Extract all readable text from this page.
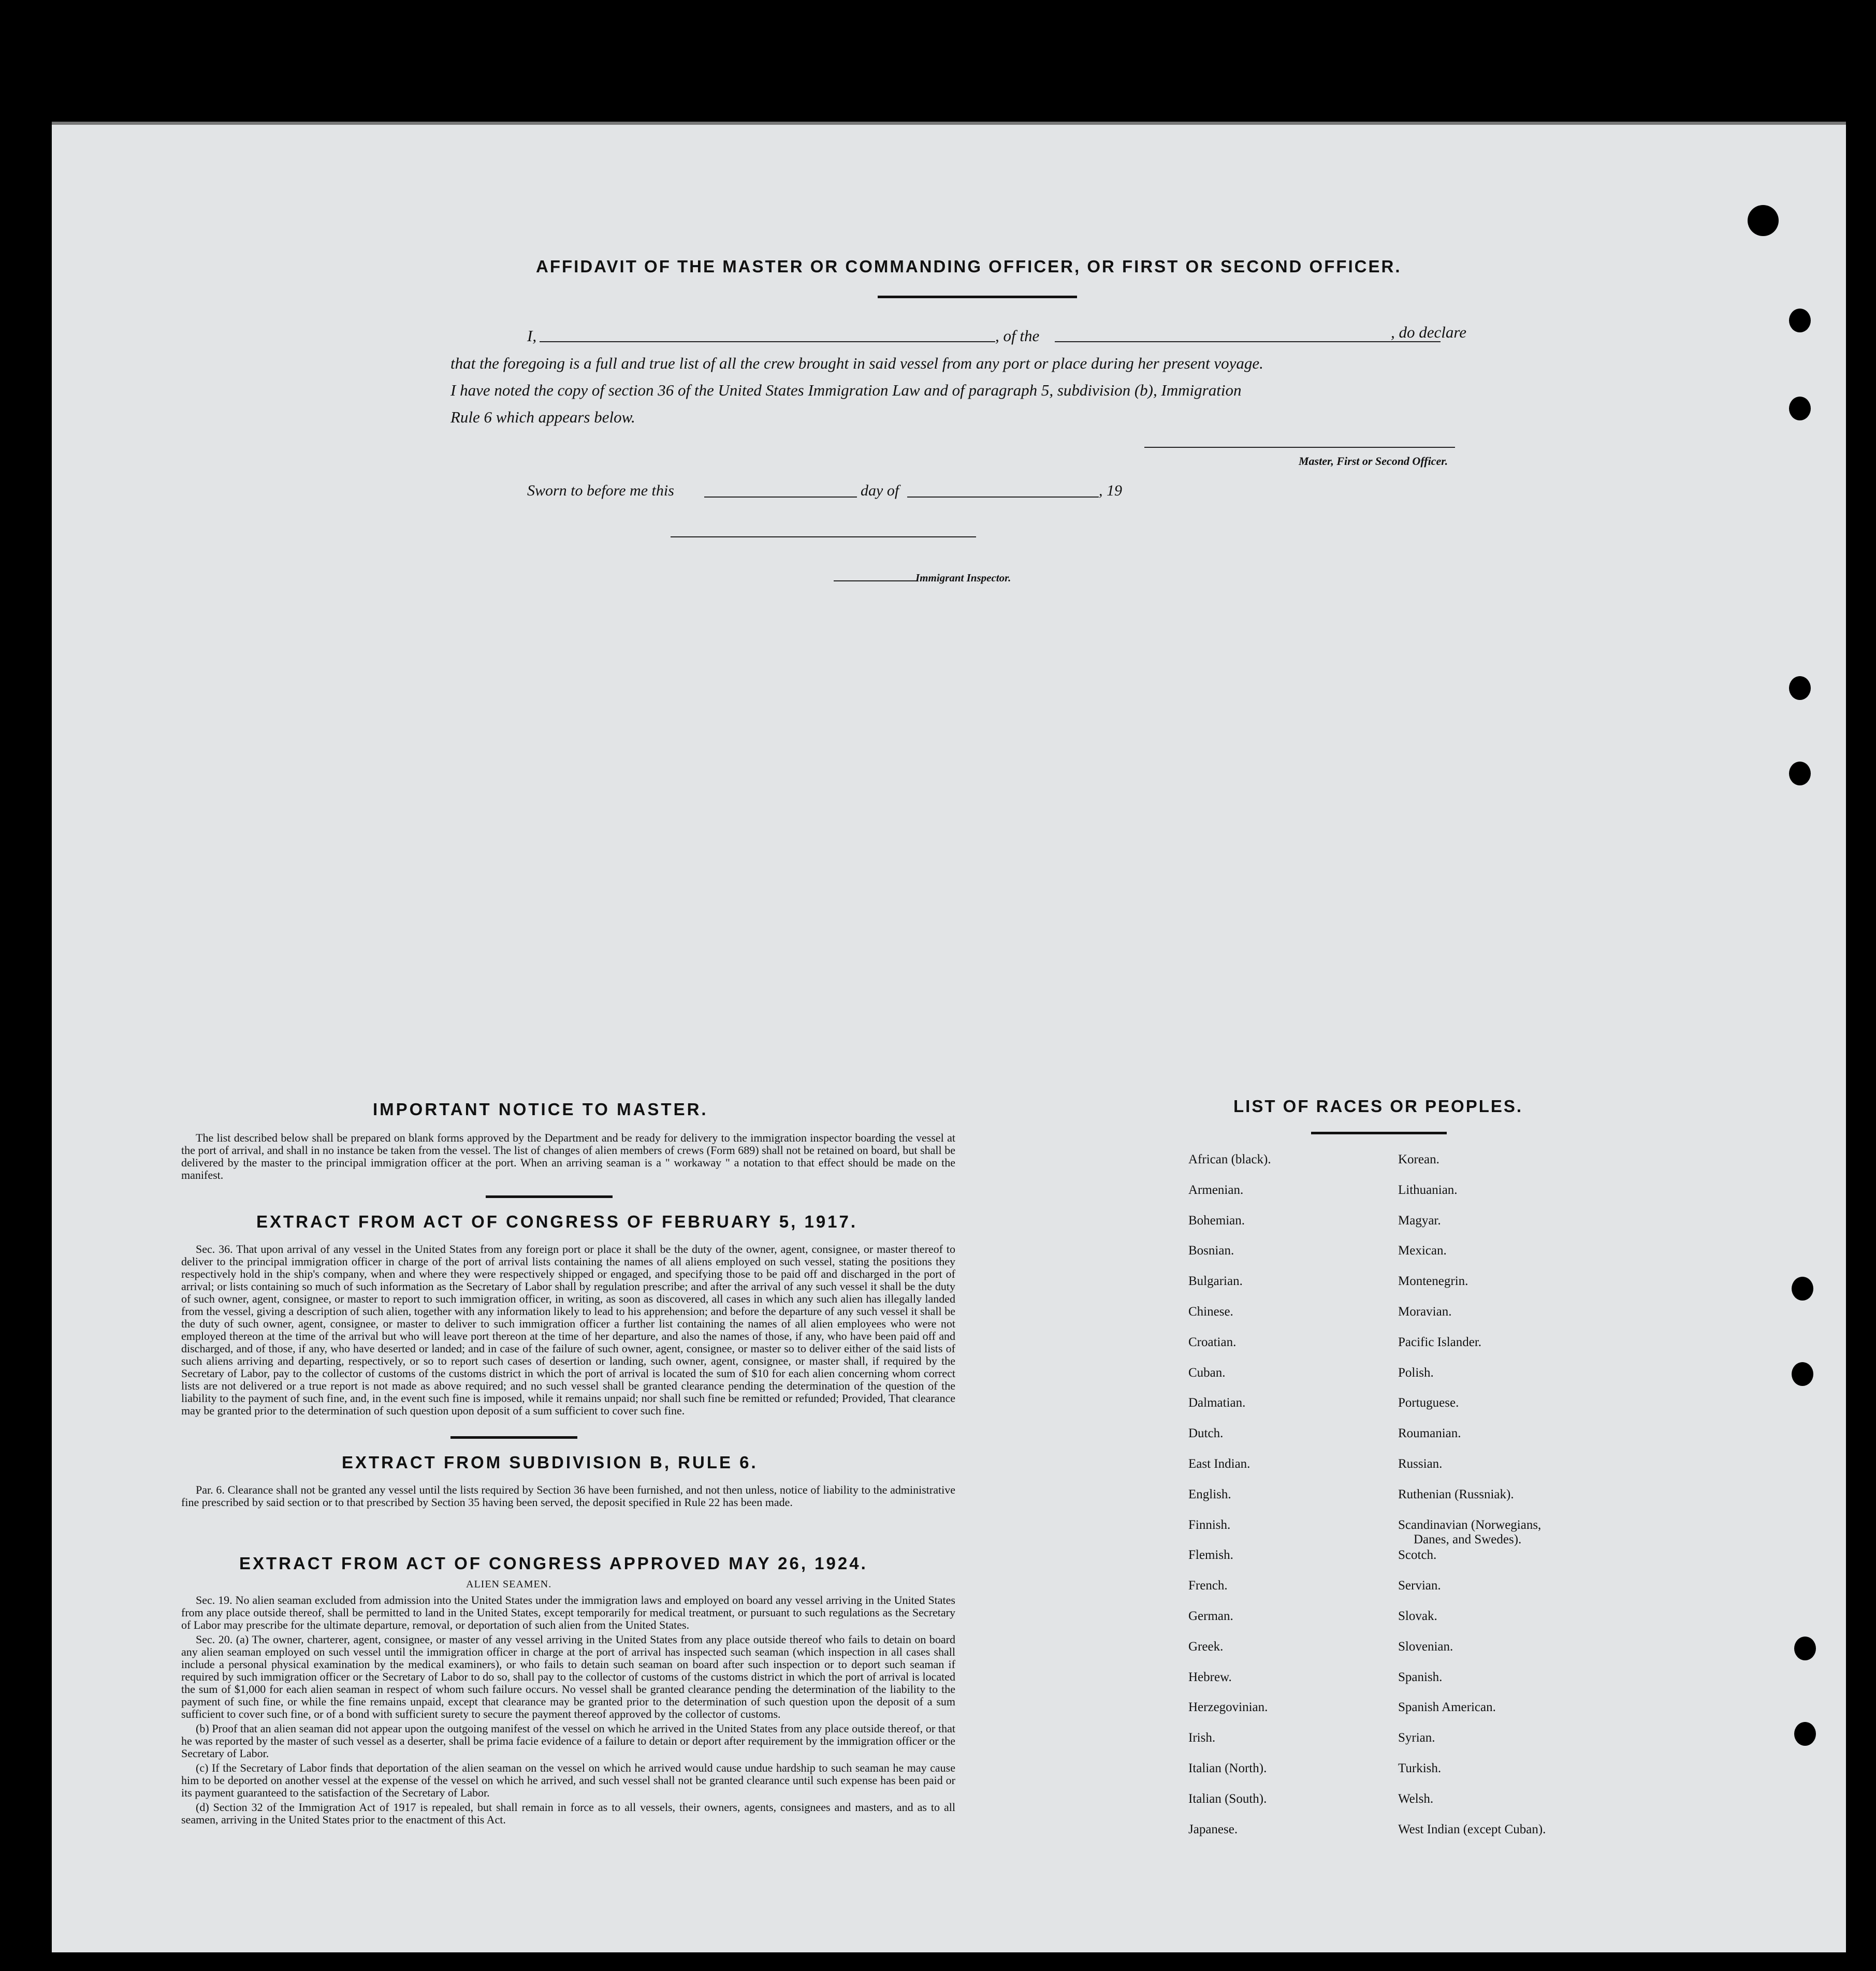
AFFIDAVIT OF THE MASTER OR COMMANDING OFFICER, OR FIRST OR SECOND OFFICER.
I,	, of the	, do declare
that the foregoing is a full and true list of all the crew brought in said vessel from any port or place during her present voyage.
I have noted the copy of section 36 of the United States Immigration Law and of paragraph 5, subdivision (b), Immigration
Rule 6 which appears below.
Master, First or Second Officer.
Sworn to before me this	day of	, 19
Immigrant Inspector.
IMPORTANT NOTICE TO MASTER.

The list described below shall be prepared on blank forms approved by the Department and be ready for delivery to the immigration inspector boarding the vessel at the port of arrival, and shall in no instance be taken from the vessel. The list of changes of alien members of crews (Form 689) shall not be retained on board, but shall be delivered by the master to the principal immigration officer at the port. When an arriving seaman is a " workaway " a notation to that effect should be made on the manifest.

EXTRACT FROM ACT OF CONGRESS OF FEBRUARY 5, 1917.

Sec. 36. That upon arrival of any vessel in the United States from any foreign port or place it shall be the duty of the owner, agent, consignee, or master thereof to deliver to the principal immigration officer in charge of the port of arrival lists containing the names of all aliens employed on such vessel, stating the positions they respectively hold in the ship's company, when and where they were respectively shipped or engaged, and specifying those to be paid off and discharged in the port of arrival; or lists containing so much of such information as the Secretary of Labor shall by regulation prescribe; and after the arrival of any such vessel it shall be the duty of such owner, agent, consignee, or master to report to such immigration officer, in writing, as soon as discovered, all cases in which any such alien has illegally landed from the vessel, giving a description of such alien, together with any information likely to lead to his apprehension; and before the departure of any such vessel it shall be the duty of such owner, agent, consignee, or master to deliver to such immigration officer a further list containing the names of all alien employees who were not employed thereon at the time of the arrival but who will leave port thereon at the time of her departure, and also the names of those, if any, who have been paid off and discharged, and of those, if any, who have deserted or landed; and in case of the failure of such owner, agent, consignee, or master so to deliver either of the said lists of such aliens arriving and departing, respectively, or so to report such cases of desertion or landing, such owner, agent, consignee, or master shall, if required by the Secretary of Labor, pay to the collector of customs of the customs district in which the port of arrival is located the sum of $10 for each alien concerning whom correct lists are not delivered or a true report is not made as above required; and no such vessel shall be granted clearance pending the determination of the question of the liability to the payment of such fine, and, in the event such fine is imposed, while it remains unpaid; nor shall such fine be remitted or refunded; Provided, That clearance may be granted prior to the determination of such question upon deposit of a sum sufficient to cover such fine.

EXTRACT FROM SUBDIVISION B, RULE 6.

Par. 6. Clearance shall not be granted any vessel until the lists required by Section 36 have been furnished, and not then unless, notice of liability to the administrative fine prescribed by said section or to that prescribed by Section 35 having been served, the deposit specified in Rule 22 has been made.

EXTRACT FROM ACT OF CONGRESS APPROVED MAY 26, 1924.
ALIEN SEAMEN.

Sec. 19. No alien seaman excluded from admission into the United States under the immigration laws and employed on board any vessel arriving in the United States from any place outside thereof, shall be permitted to land in the United States, except temporarily for medical treatment, or pursuant to such regulations as the Secretary of Labor may prescribe for the ultimate departure, removal, or deportation of such alien from the United States.

Sec. 20. (a) The owner, charterer, agent, consignee, or master of any vessel arriving in the United States from any place outside thereof who fails to detain on board any alien seaman employed on such vessel until the immigration officer in charge at the port of arrival has inspected such seaman (which inspection in all cases shall include a personal physical examination by the medical examiners), or who fails to detain such seaman on board after such inspection or to deport such seaman if required by such immigration officer or the Secretary of Labor to do so, shall pay to the collector of customs of the customs district in which the port of arrival is located the sum of $1,000 for each alien seaman in respect of whom such failure occurs. No vessel shall be granted clearance pending the determination of the liability to the payment of such fine, or while the fine remains unpaid, except that clearance may be granted prior to the determination of such question upon the deposit of a sum sufficient to cover such fine, or of a bond with sufficient surety to secure the payment thereof approved by the collector of customs.

(b) Proof that an alien seaman did not appear upon the outgoing manifest of the vessel on which he arrived in the United States from any place outside thereof, or that he was reported by the master of such vessel as a deserter, shall be prima facie evidence of a failure to detain or deport after requirement by the immigration officer or the Secretary of Labor.

(c) If the Secretary of Labor finds that deportation of the alien seaman on the vessel on which he arrived would cause undue hardship to such seaman he may cause him to be deported on another vessel at the expense of the vessel on which he arrived, and such vessel shall not be granted clearance until such expense has been paid or its payment guaranteed to the satisfaction of the Secretary of Labor.

(d) Section 32 of the Immigration Act of 1917 is repealed, but shall remain in force as to all vessels, their owners, agents, consignees and masters, and as to all seamen, arriving in the United States prior to the enactment of this Act.

LIST OF RACES OR PEOPLES.
African (black).
Armenian.
Bohemian.
Bosnian.
Bulgarian.
Chinese.
Croatian.
Cuban.
Dalmatian.
Dutch.
East Indian.
English.
Finnish.
Flemish.
French.
German.
Greek.
Hebrew.
Herzegovinian.
Irish.
Italian (North).
Italian (South).
Japanese.
Korean.
Lithuanian.
Magyar.
Mexican.
Montenegrin.
Moravian.
Pacific Islander.
Polish.
Portuguese.
Roumanian.
Russian.
Ruthenian (Russniak).
Scandinavian (Norwegians,
Danes, and Swedes).
Scotch.
Servian.
Slovak.
Slovenian.
Spanish.
Spanish American.
Syrian.
Turkish.
Welsh.
West Indian (except Cuban).
